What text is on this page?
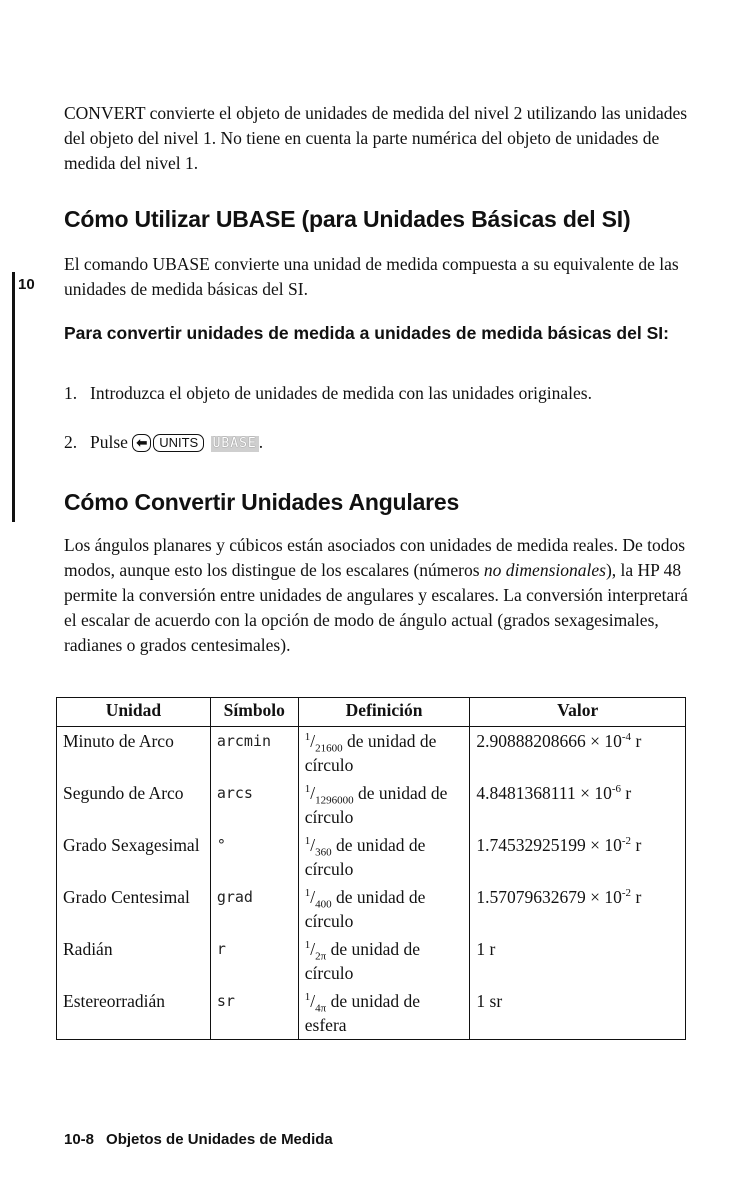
CONVERT convierte el objeto de unidades de medida del nivel 2 utilizando las unidades del objeto del nivel 1. No tiene en cuenta la parte numérica del objeto de unidades de medida del nivel 1.

Cómo Utilizar UBASE (para Unidades Básicas del SI)

El comando UBASE convierte una unidad de medida compuesta a su equivalente de las unidades de medida básicas del SI.

Para convertir unidades de medida a unidades de medida básicas del SI:
10
1. Introduzca el objeto de unidades de medida con las unidades originales.
2. Pulse ⬅ UNITS UBASE .
Cómo Convertir Unidades Angulares

Los ángulos planares y cúbicos están asociados con unidades de medida reales. De todos modos, aunque esto los distingue de los escalares (números no dimensionales), la HP 48 permite la conversión entre unidades de angulares y escalares. La conversión interpretará el escalar de acuerdo con la opción de modo de ángulo actual (grados sexagesimales, radianes o grados centesimales).

Unidad	Símbolo	Definición	Valor
Minuto de Arco	arcmin	$^1/_{21600}$ de unidad de círculo	$2.90888208666 \times 10^{-4}$ r
Segundo de Arco	arcs	$^1/_{1296000}$ de unidad de círculo	$4.8481368111 \times 10^{-6}$ r
Grado Sexagesimal	°	$^1/_{360}$ de unidad de círculo	$1.74532925199 \times 10^{-2}$ r
Grado Centesimal	grad	$^1/_{400}$ de unidad de círculo	$1.57079632679 \times 10^{-2}$ r
Radián	r	$^1/_{2\pi}$ de unidad de círculo	1 r
Estereorradián	sr	$^1/_{4\pi}$ de unidad de esfera	1 sr
10-8 Objetos de Unidades de Medida
